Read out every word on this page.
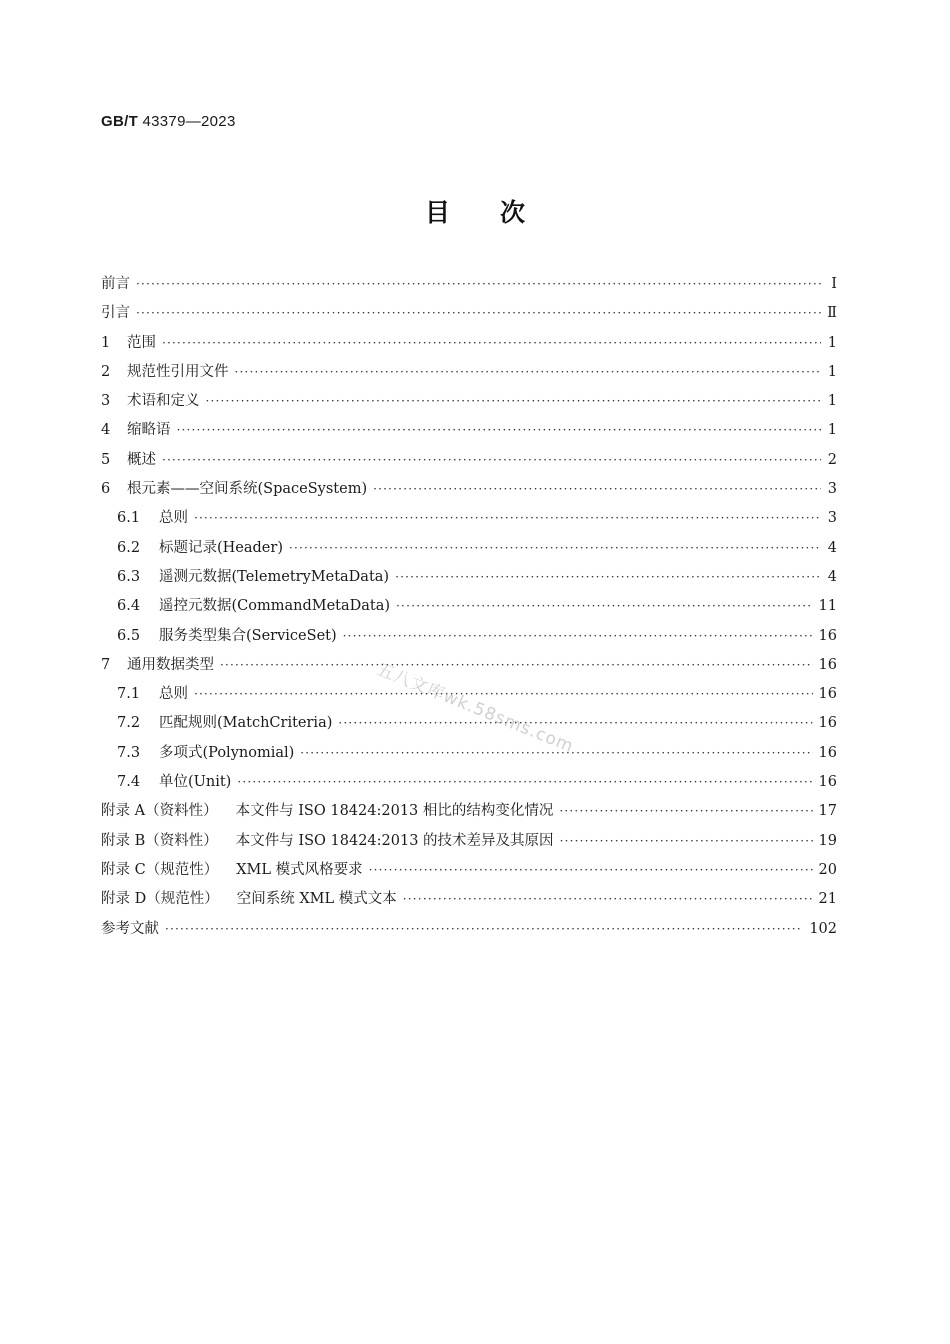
GB/T 43379—2023
目　　次
前言 ·····	Ⅰ
引言 ·····	Ⅱ
1	范围 ·····	1
2	规范性引用文件 ·····	1
3	术语和定义 ·····	1
4	缩略语 ·····	1
5	概述 ·····	2
6	根元素——空间系统(SpaceSystem) ·····	3
6.1	总则 ·····	3
6.2	标题记录(Header) ·····	4
6.3	遥测元数据(TelemetryMetaData) ·····	4
6.4	遥控元数据(CommandMetaData) ·····	11
6.5	服务类型集合(ServiceSet) ·····	16
7	通用数据类型 ·····	16
7.1	总则 ·····	16
7.2	匹配规则(MatchCriteria) ·····	16
7.3	多项式(Polynomial) ·····	16
7.4	单位(Unit) ·····	16
附录 A（资料性）	本文件与 ISO 18424:2013 相比的结构变化情况 ·····	17
附录 B（资料性）	本文件与 ISO 18424:2013 的技术差异及其原因 ·····	19
附录 C（规范性）	XML 模式风格要求 ·····	20
附录 D（规范性）	空间系统 XML 模式文本 ·····	21
参考文献 ·····	102
五八文库wk.58sms.com
